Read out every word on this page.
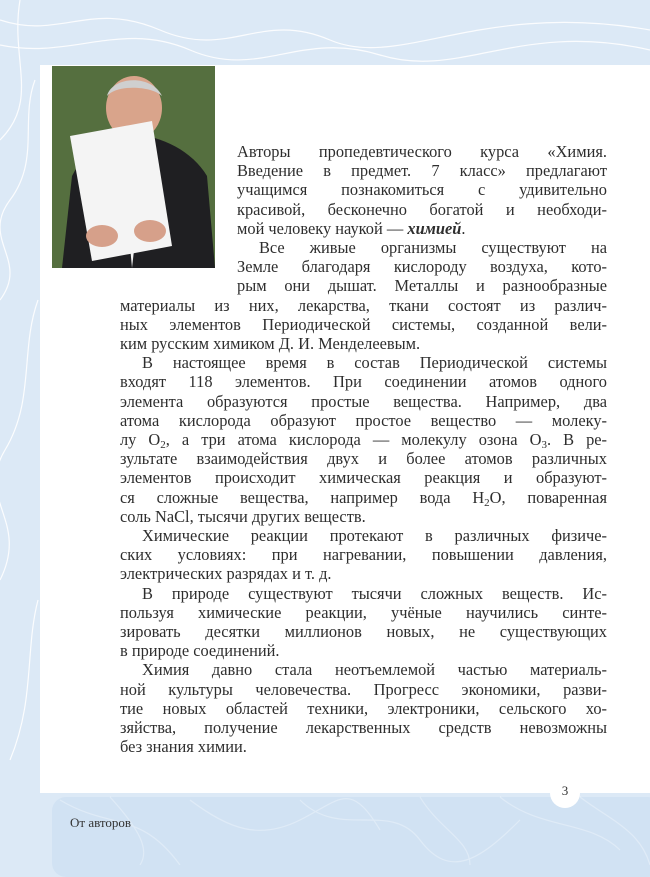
Авторы пропедевтического курса «Химия.
Введение в предмет. 7 класс» предлагают
учащимся познакомиться с удивительно
красивой, бесконечно богатой и необходи-
мой человеку наукой — химией.
Все живые организмы существуют на
Земле благодаря кислороду воздуха, кото-
рым они дышат. Металлы и разнообразные
материалы из них, лекарства, ткани состоят из различ-
ных элементов Периодической системы, созданной вели-
ким русским химиком Д. И. Менделеевым.
В настоящее время в состав Периодической системы
входят 118 элементов. При соединении атомов одного
элемента образуются простые вещества. Например, два
атома кислорода образуют простое вещество — молеку-
лу $O_2$, а три атома кислорода — молекулу озона $O_3$. В ре-
зультате взаимодействия двух и более атомов различных
элементов происходит химическая реакция и образуют-
ся сложные вещества, например вода $H_2O$, поваренная
соль NaCl, тысячи других веществ.
Химические реакции протекают в различных физиче-
ских условиях: при нагревании, повышении давления,
электрических разрядах и т. д.
В природе существуют тысячи сложных веществ. Ис-
пользуя химические реакции, учёные научились синте-
зировать десятки миллионов новых, не существующих
в природе соединений.
Химия давно стала неотъемлемой частью материаль-
ной культуры человечества. Прогресс экономики, разви-
тие новых областей техники, электроники, сельского хо-
зяйства, получение лекарственных средств невозможны
без знания химии.
От авторов
3
